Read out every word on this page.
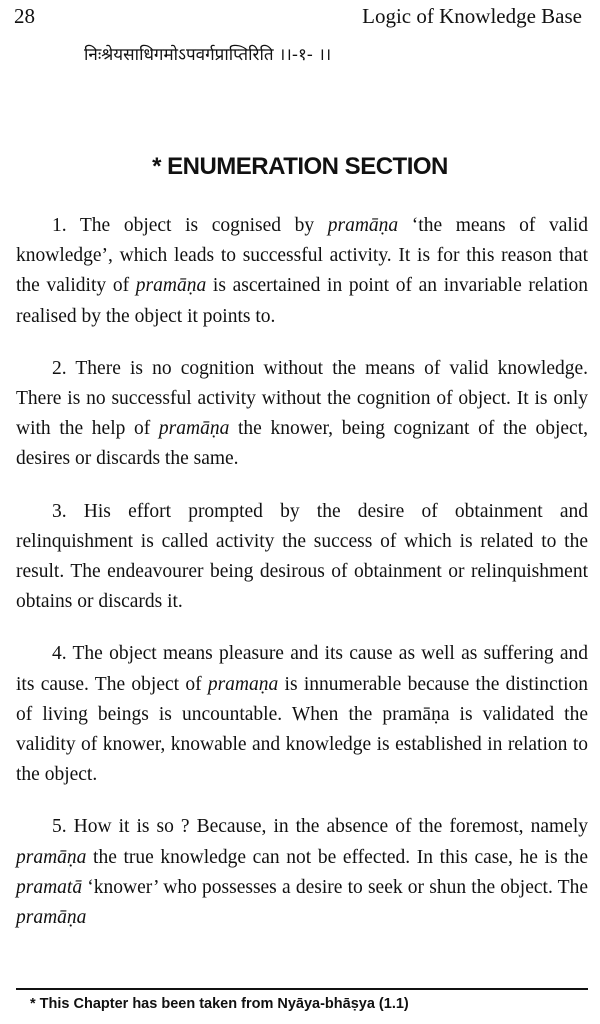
28	Logic of Knowledge Base
निःश्रेयसाधिगमोऽपवर्गप्राप्तिरिति ।।-१- ।।
* ENUMERATION SECTION

1. The object is cognised by pramāṇa ‘the means of valid knowledge’, which leads to successful activity. It is for this reason that the validity of pramāṇa is ascertained in point of an invariable relation realised by the object it points to.

2. There is no cognition without the means of valid knowledge. There is no successful activity without the cognition of object. It is only with the help of pramāṇa the knower, being cognizant of the object, desires or discards the same.

3. His effort prompted by the desire of obtainment and relinquishment is called activity the success of which is related to the result. The endeavourer being desirous of obtainment or relinquishment obtains or discards it.

4. The object means pleasure and its cause as well as suffering and its cause. The object of pramaṇa is innumerable because the distinction of living beings is uncountable. When the pramāṇa is validated the validity of knower, knowable and knowledge is established in relation to the object.

5. How it is so ? Because, in the absence of the foremost, namely pramāṇa the true knowledge can not be effected. In this case, he is the pramatā ‘knower’ who possesses a desire to seek or shun the object. The pramāṇa

* This Chapter has been taken from Nyāya-bhāṣya (1.1)
